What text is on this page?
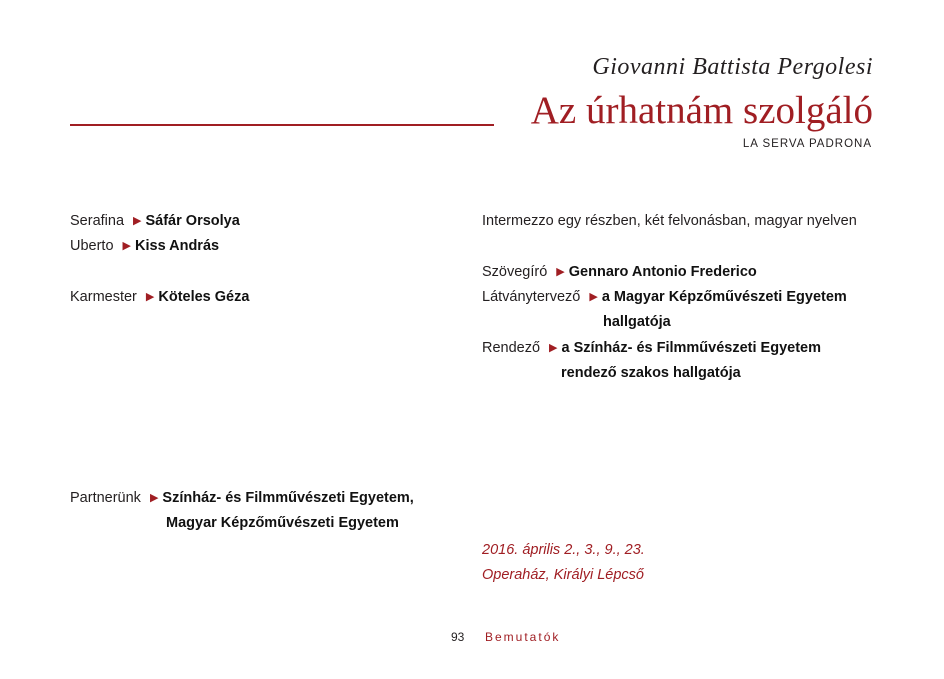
Giovanni Battista Pergolesi
Az úrhatnám szolgáló
LA SERVA PADRONA
Serafina ▶ Sáfár Orsolya
Uberto ▶ Kiss András
Karmester ▶ Köteles Géza
Partnerünk ▶ Színház- és Filmművészeti Egyetem,
Magyar Képzőművészeti Egyetem
Intermezzo egy részben, két felvonásban, magyar nyelven
Szövegíró ▶ Gennaro Antonio Frederico
Látványtervező ▶ a Magyar Képzőművészeti Egyetem
hallgatója
Rendező ▶ a Színház- és Filmművészeti Egyetem
rendező szakos hallgatója
2016. április 2., 3., 9., 23.
Operaház, Királyi Lépcső
93 Bemutatók
